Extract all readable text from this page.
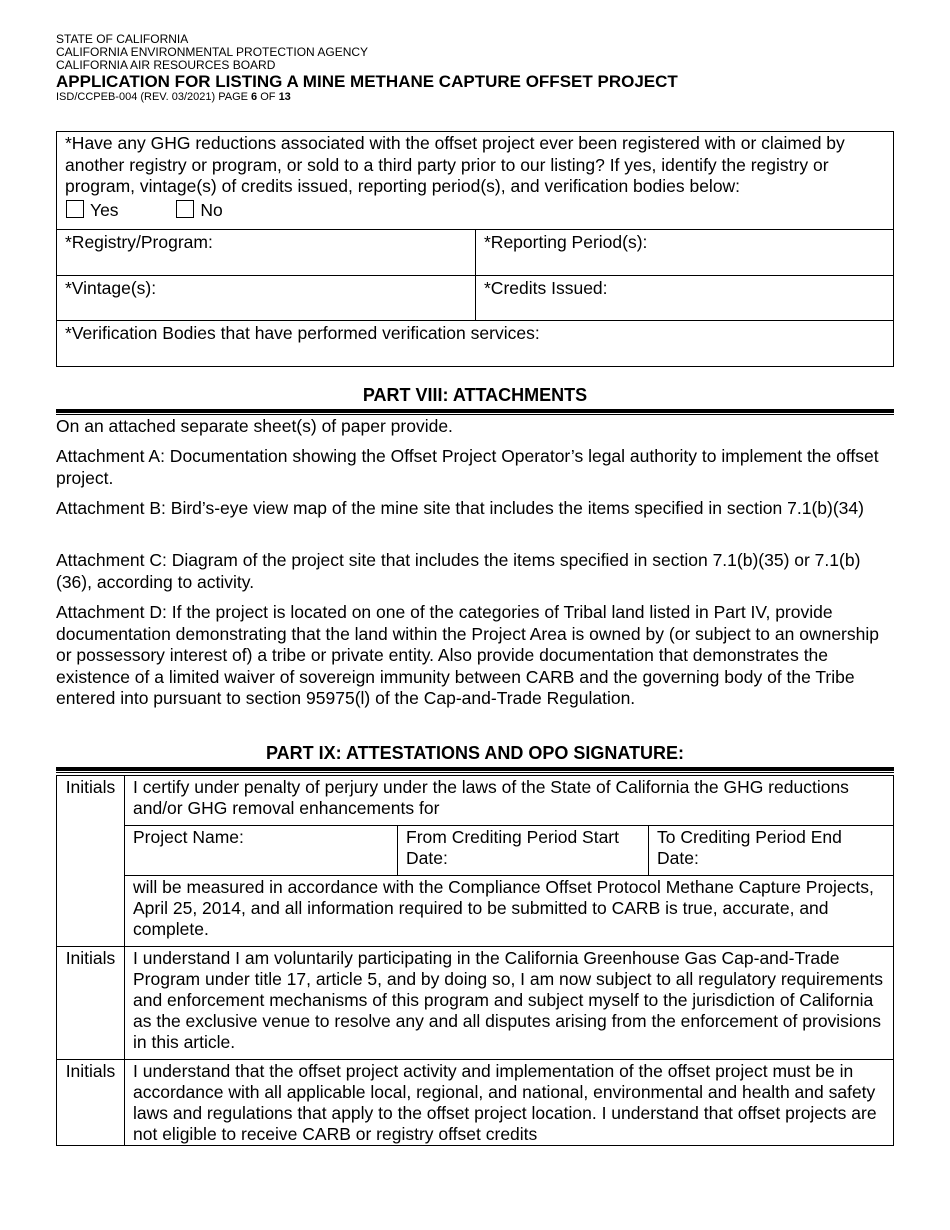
STATE OF CALIFORNIA
CALIFORNIA ENVIRONMENTAL PROTECTION AGENCY
CALIFORNIA AIR RESOURCES BOARD
APPLICATION FOR LISTING A MINE METHANE CAPTURE OFFSET PROJECT
ISD/CCPEB-004 (REV. 03/2021) PAGE 6 OF 13
*Have any GHG reductions associated with the offset project ever been registered with or claimed by another registry or program, or sold to a third party prior to our listing? If yes, identify the registry or program, vintage(s) of credits issued, reporting period(s), and verification bodies below:
Yes	No
*Registry/Program:	*Reporting Period(s):
*Vintage(s):	*Credits Issued:
*Verification Bodies that have performed verification services:
PART VIII: ATTACHMENTS
On an attached separate sheet(s) of paper provide.
Attachment A: Documentation showing the Offset Project Operator’s legal authority to implement the offset project.
Attachment B: Bird’s-eye view map of the mine site that includes the items specified in section 7.1(b)(34)
Attachment C: Diagram of the project site that includes the items specified in section 7.1(b)(35) or 7.1(b)(36), according to activity.
Attachment D: If the project is located on one of the categories of Tribal land listed in Part IV, provide documentation demonstrating that the land within the Project Area is owned by (or subject to an ownership or possessory interest of) a tribe or private entity. Also provide documentation that demonstrates the existence of a limited waiver of sovereign immunity between CARB and the governing body of the Tribe entered into pursuant to section 95975(l) of the Cap-and-Trade Regulation.
PART IX: ATTESTATIONS AND OPO SIGNATURE:
Initials	I certify under penalty of perjury under the laws of the State of California the GHG reductions and/or GHG removal enhancements for		
	Project Name:	From Crediting Period Start Date:	To Crediting Period End Date:
	will be measured in accordance with the Compliance Offset Protocol Methane Capture Projects, April 25, 2014, and all information required to be submitted to CARB is true, accurate, and complete.		
Initials	I understand I am voluntarily participating in the California Greenhouse Gas Cap-and-Trade Program under title 17, article 5, and by doing so, I am now subject to all regulatory requirements and enforcement mechanisms of this program and subject myself to the jurisdiction of California as the exclusive venue to resolve any and all disputes arising from the enforcement of provisions in this article.		
Initials	I understand that the offset project activity and implementation of the offset project must be in accordance with all applicable local, regional, and national, environmental and health and safety laws and regulations that apply to the offset project location. I understand that offset projects are not eligible to receive CARB or registry offset credits		
